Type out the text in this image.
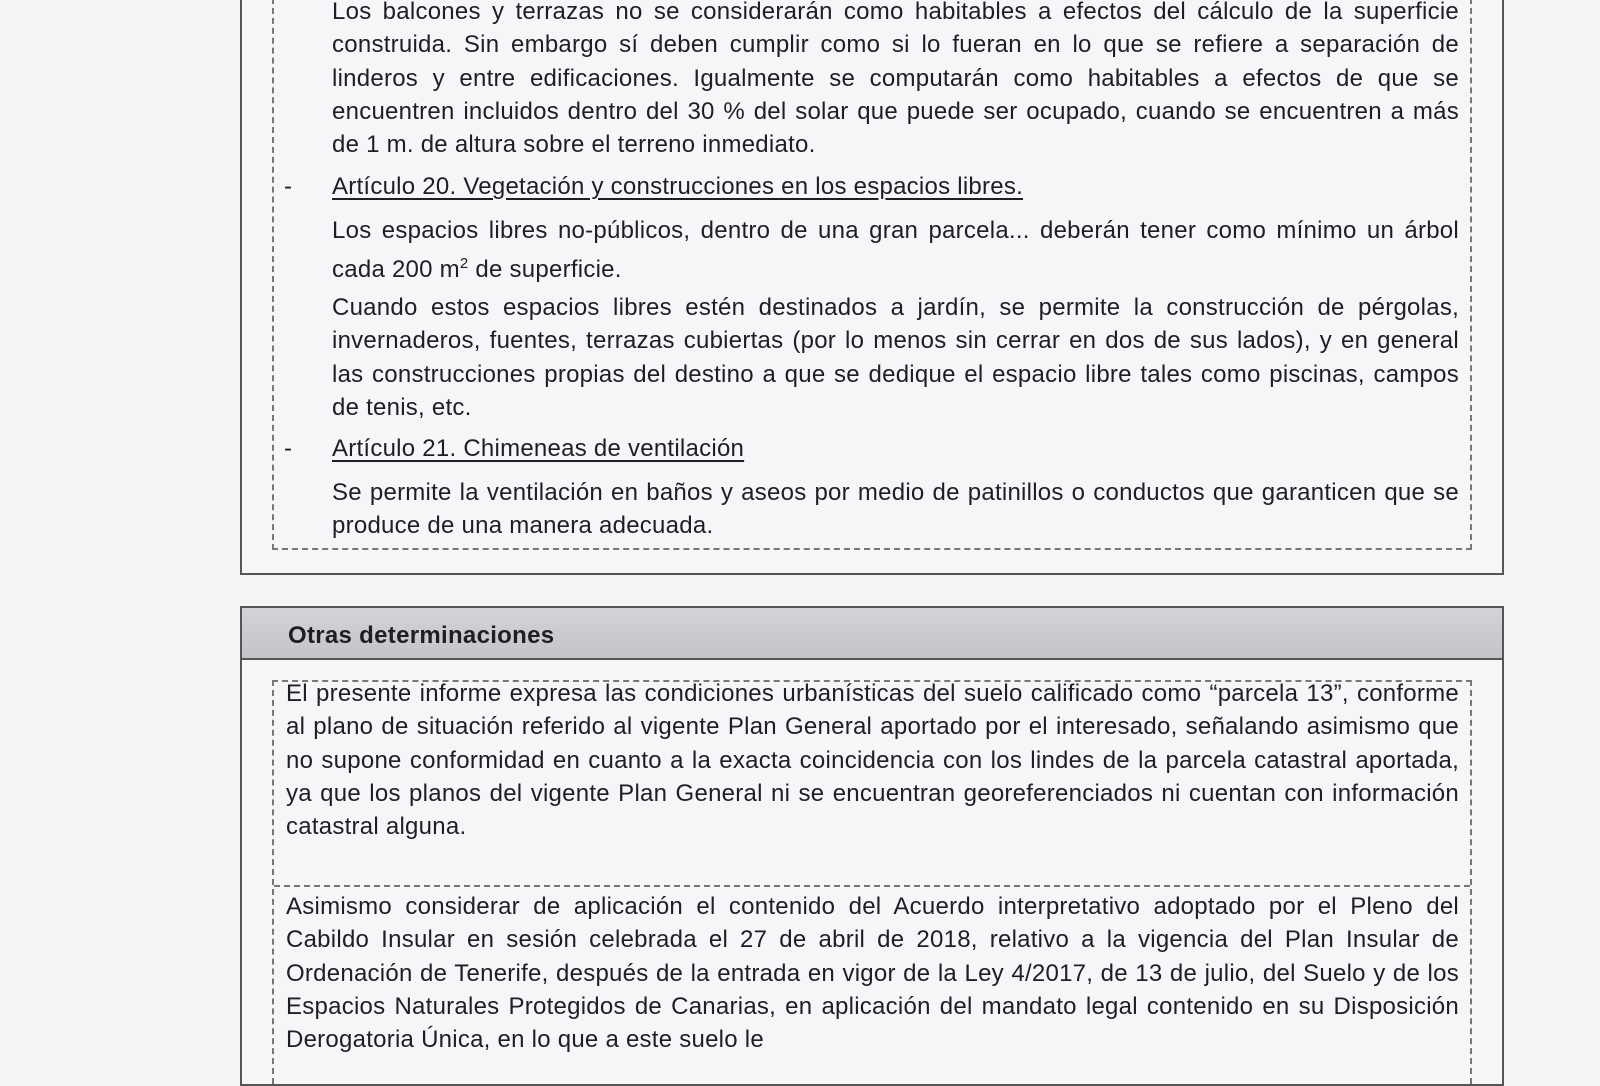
Los balcones y terrazas no se considerarán como habitables a efectos del cálculo de la superficie construida. Sin embargo sí deben cumplir como si lo fueran en lo que se refiere a separación de linderos y entre edificaciones. Igualmente se computarán como habitables a efectos de que se encuentren incluidos dentro del 30 % del solar que puede ser ocupado, cuando se encuentren a más de 1 m. de altura sobre el terreno inmediato.

- Artículo 20. Vegetación y construcciones en los espacios libres.

Los espacios libres no-públicos, dentro de una gran parcela... deberán tener como mínimo un árbol cada 200 $m^2$ de superficie.

Cuando estos espacios libres estén destinados a jardín, se permite la construcción de pérgolas, invernaderos, fuentes, terrazas cubiertas (por lo menos sin cerrar en dos de sus lados), y en general las construcciones propias del destino a que se dedique el espacio libre tales como piscinas, campos de tenis, etc.

- Artículo 21. Chimeneas de ventilación

Se permite la ventilación en baños y aseos por medio de patinillos o conductos que garanticen que se produce de una manera adecuada.

Otras determinaciones

El presente informe expresa las condiciones urbanísticas del suelo calificado como “parcela 13”, conforme al plano de situación referido al vigente Plan General aportado por el interesado, señalando asimismo que no supone conformidad en cuanto a la exacta coincidencia con los lindes de la parcela catastral aportada, ya que los planos del vigente Plan General ni se encuentran georeferenciados ni cuentan con información catastral alguna.

Asimismo considerar de aplicación el contenido del Acuerdo interpretativo adoptado por el Pleno del Cabildo Insular en sesión celebrada el 27 de abril de 2018, relativo a la vigencia del Plan Insular de Ordenación de Tenerife, después de la entrada en vigor de la Ley 4/2017, de 13 de julio, del Suelo y de los Espacios Naturales Protegidos de Canarias, en aplicación del mandato legal contenido en su Disposición Derogatoria Única, en lo que a este suelo le
